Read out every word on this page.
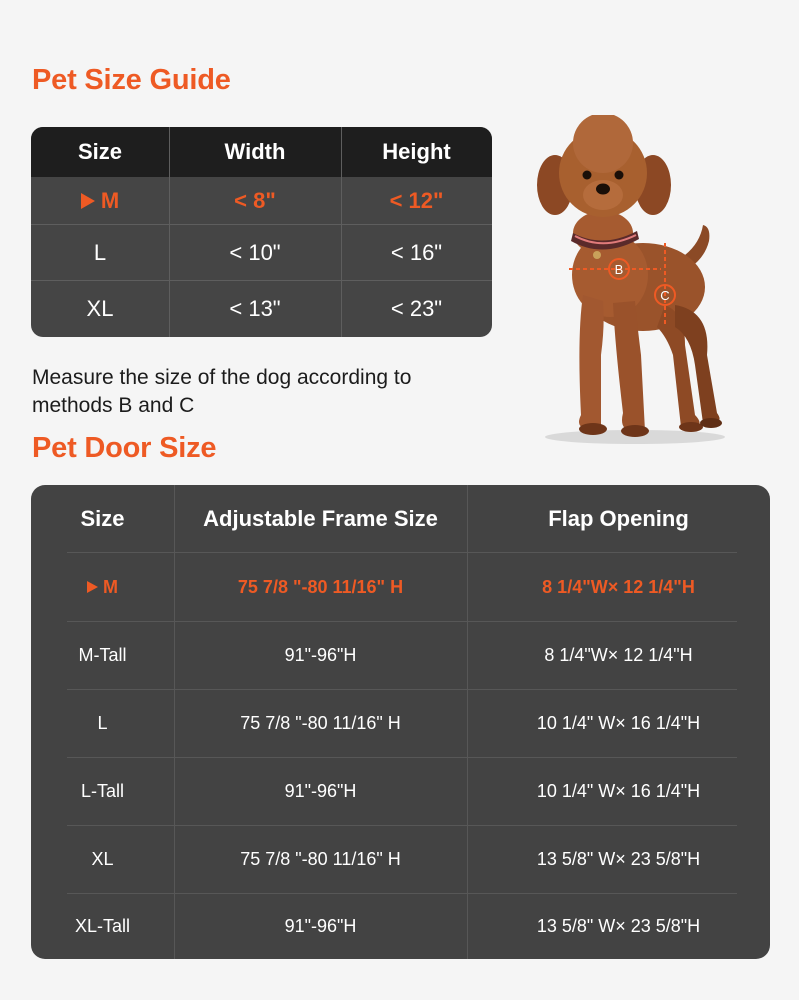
Pet Size Guide
Size	Width	Height
M	< 8"	< 12"
L	< 10"	< 16"
XL	< 13"	< 23"
Measure the size of the dog according to methods B and C
B
C
Pet Door Size
Size	Adjustable Frame Size	Flap Opening
M	75 7/8 "-80 11/16" H	8 1/4"W× 12 1/4"H
M-Tall	91"-96"H	8 1/4"W× 12 1/4"H
L	75 7/8 "-80 11/16" H	10 1/4" W× 16 1/4"H
L-Tall	91"-96"H	10 1/4" W× 16 1/4"H
XL	75 7/8 "-80 11/16" H	13 5/8" W× 23 5/8"H
XL-Tall	91"-96"H	13 5/8" W× 23 5/8"H
